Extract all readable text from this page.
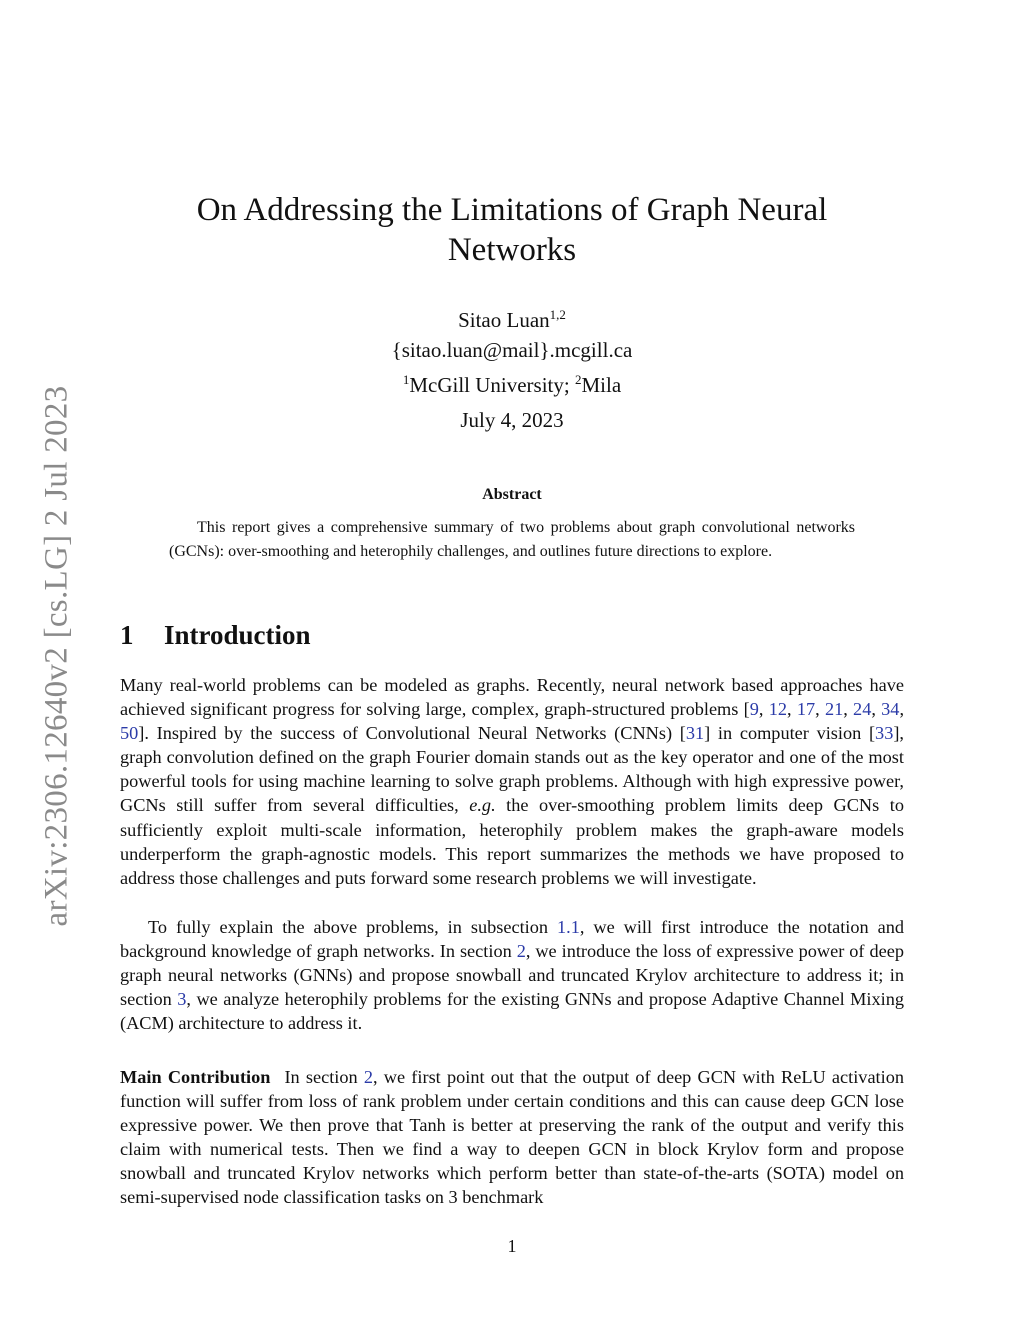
arXiv:2306.12640v2 [cs.LG] 2 Jul 2023
On Addressing the Limitations of Graph Neural
Networks
Sitao Luan$^{1,2}$
{sitao.luan@mail}.mcgill.ca
$^1$McGill University; $^2$Mila
July 4, 2023
Abstract
This report gives a comprehensive summary of two problems about graph convolutional networks (GCNs): over-smoothing and heterophily challenges, and outlines future directions to explore.
1 Introduction

Many real-world problems can be modeled as graphs. Recently, neural network based approaches have achieved significant progress for solving large, complex, graph-structured problems [9, 12, 17, 21, 24, 34, 50]. Inspired by the success of Convolutional Neural Networks (CNNs) [31] in computer vision [33], graph convolution defined on the graph Fourier domain stands out as the key operator and one of the most powerful tools for using machine learning to solve graph problems. Although with high expressive power, GCNs still suffer from several difficulties, e.g. the over-smoothing problem limits deep GCNs to sufficiently exploit multi-scale information, heterophily problem makes the graph-aware models underperform the graph-agnostic models. This report summarizes the methods we have proposed to address those challenges and puts forward some research problems we will investigate.

To fully explain the above problems, in subsection 1.1, we will first introduce the notation and background knowledge of graph networks. In section 2, we introduce the loss of expressive power of deep graph neural networks (GNNs) and propose snowball and truncated Krylov architecture to address it; in section 3, we analyze heterophily problems for the existing GNNs and propose Adaptive Channel Mixing (ACM) architecture to address it.

Main Contribution In section 2, we first point out that the output of deep GCN with ReLU activation function will suffer from loss of rank problem under certain conditions and this can cause deep GCN lose expressive power. We then prove that Tanh is better at preserving the rank of the output and verify this claim with numerical tests. Then we find a way to deepen GCN in block Krylov form and propose snowball and truncated Krylov networks which perform better than state-of-the-arts (SOTA) model on semi-supervised node classification tasks on 3 benchmark

1
